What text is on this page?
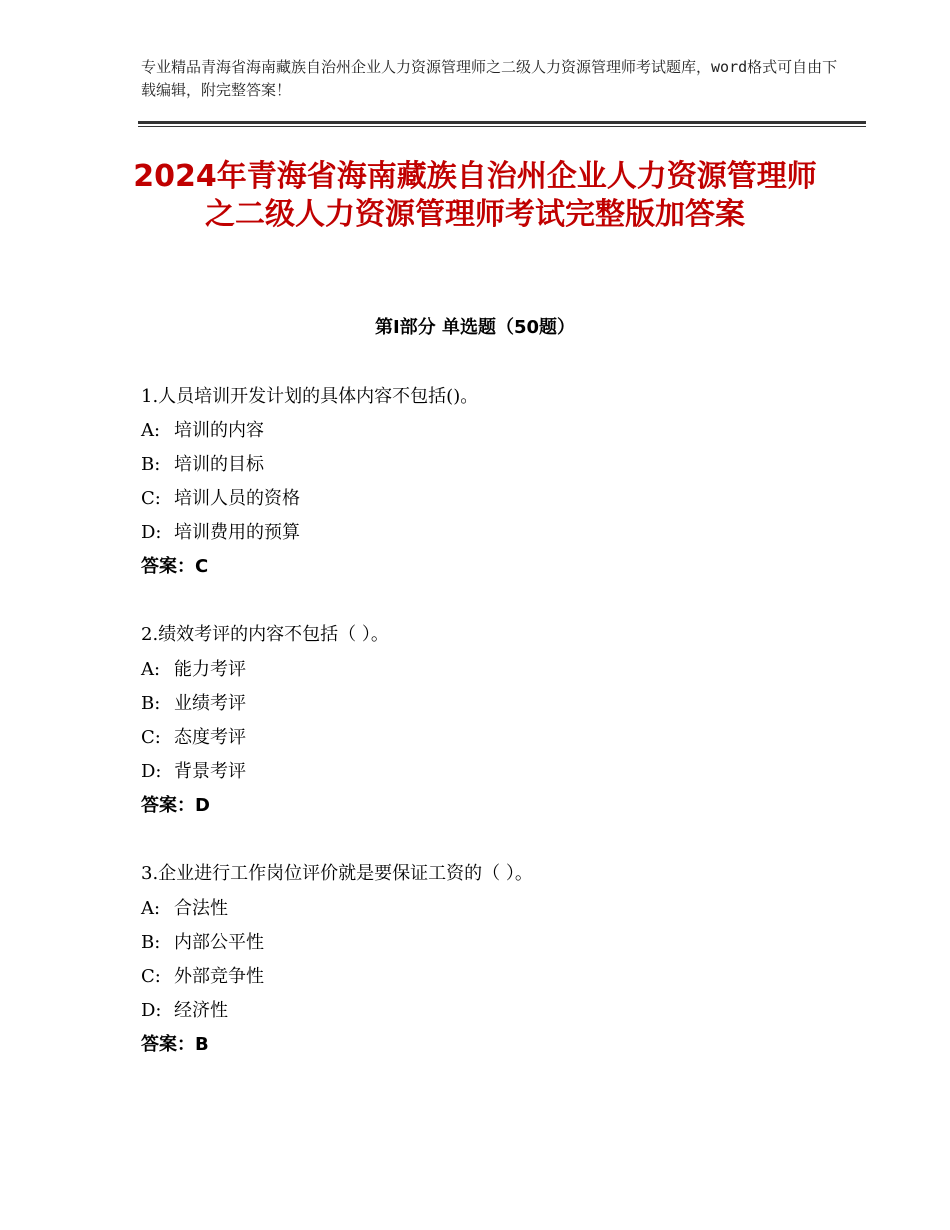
专业精品青海省海南藏族自治州企业人力资源管理师之二级人力资源管理师考试题库，word格式可自由下载编辑，附完整答案！
2024年青海省海南藏族自治州企业人力资源管理师之二级人力资源管理师考试完整版加答案
第Ⅰ部分 单选题（50题）
1.人员培训开发计划的具体内容不包括()。
A: 培训的内容
B: 培训的目标
C: 培训人员的资格
D: 培训费用的预算
答案：C
2.绩效考评的内容不包括（ ）。
A: 能力考评
B: 业绩考评
C: 态度考评
D: 背景考评
答案：D
3.企业进行工作岗位评价就是要保证工资的（ ）。
A: 合法性
B: 内部公平性
C: 外部竞争性
D: 经济性
答案：B
